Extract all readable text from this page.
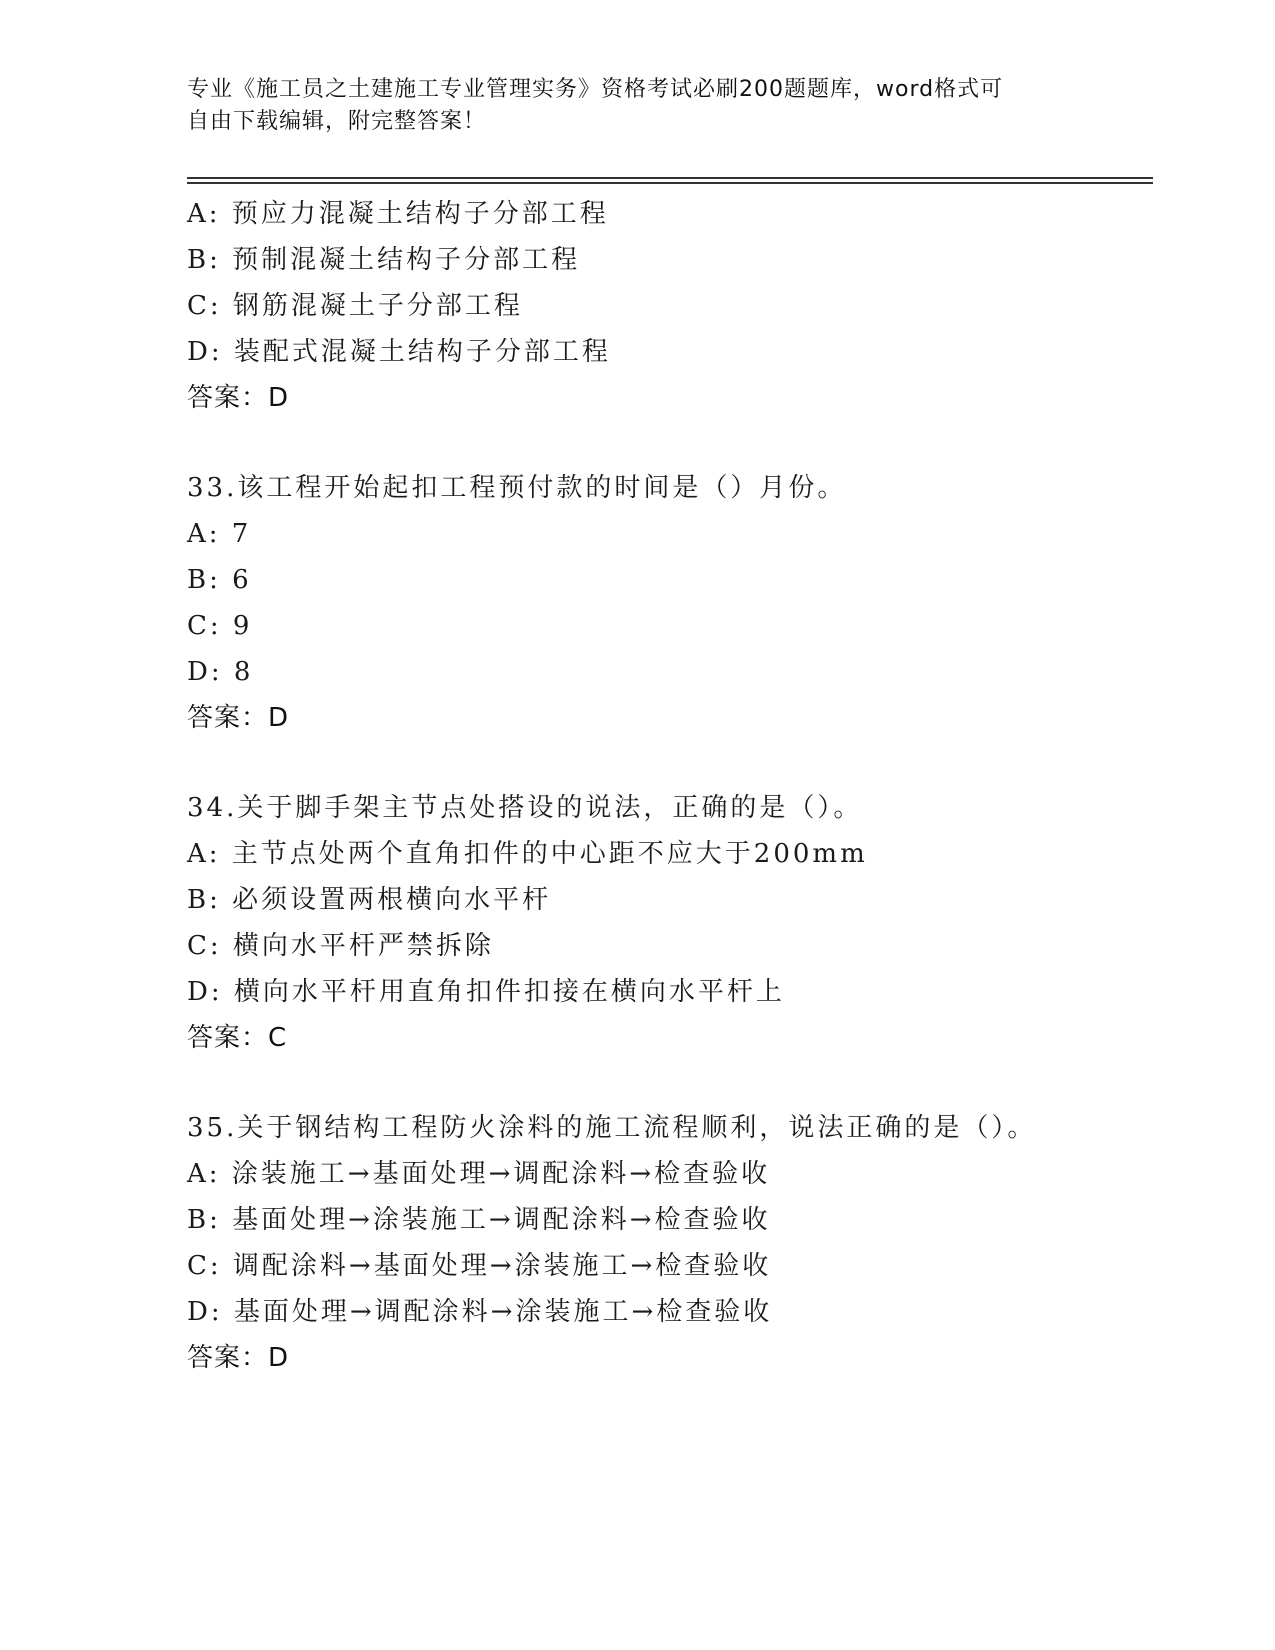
专业《施工员之土建施工专业管理实务》资格考试必刷200题题库，word格式可
自由下载编辑，附完整答案！
A: 预应力混凝土结构子分部工程
B: 预制混凝土结构子分部工程
C: 钢筋混凝土子分部工程
D: 装配式混凝土结构子分部工程
答案：D
33.该工程开始起扣工程预付款的时间是（）月份。
A: 7
B: 6
C: 9
D: 8
答案：D
34.关于脚手架主节点处搭设的说法，正确的是（）。
A: 主节点处两个直角扣件的中心距不应大于200mm
B: 必须设置两根横向水平杆
C: 横向水平杆严禁拆除
D: 横向水平杆用直角扣件扣接在横向水平杆上
答案：C
35.关于钢结构工程防火涂料的施工流程顺利，说法正确的是（）。
A: 涂装施工→基面处理→调配涂料→检查验收
B: 基面处理→涂装施工→调配涂料→检查验收
C: 调配涂料→基面处理→涂装施工→检查验收
D: 基面处理→调配涂料→涂装施工→检查验收
答案：D
